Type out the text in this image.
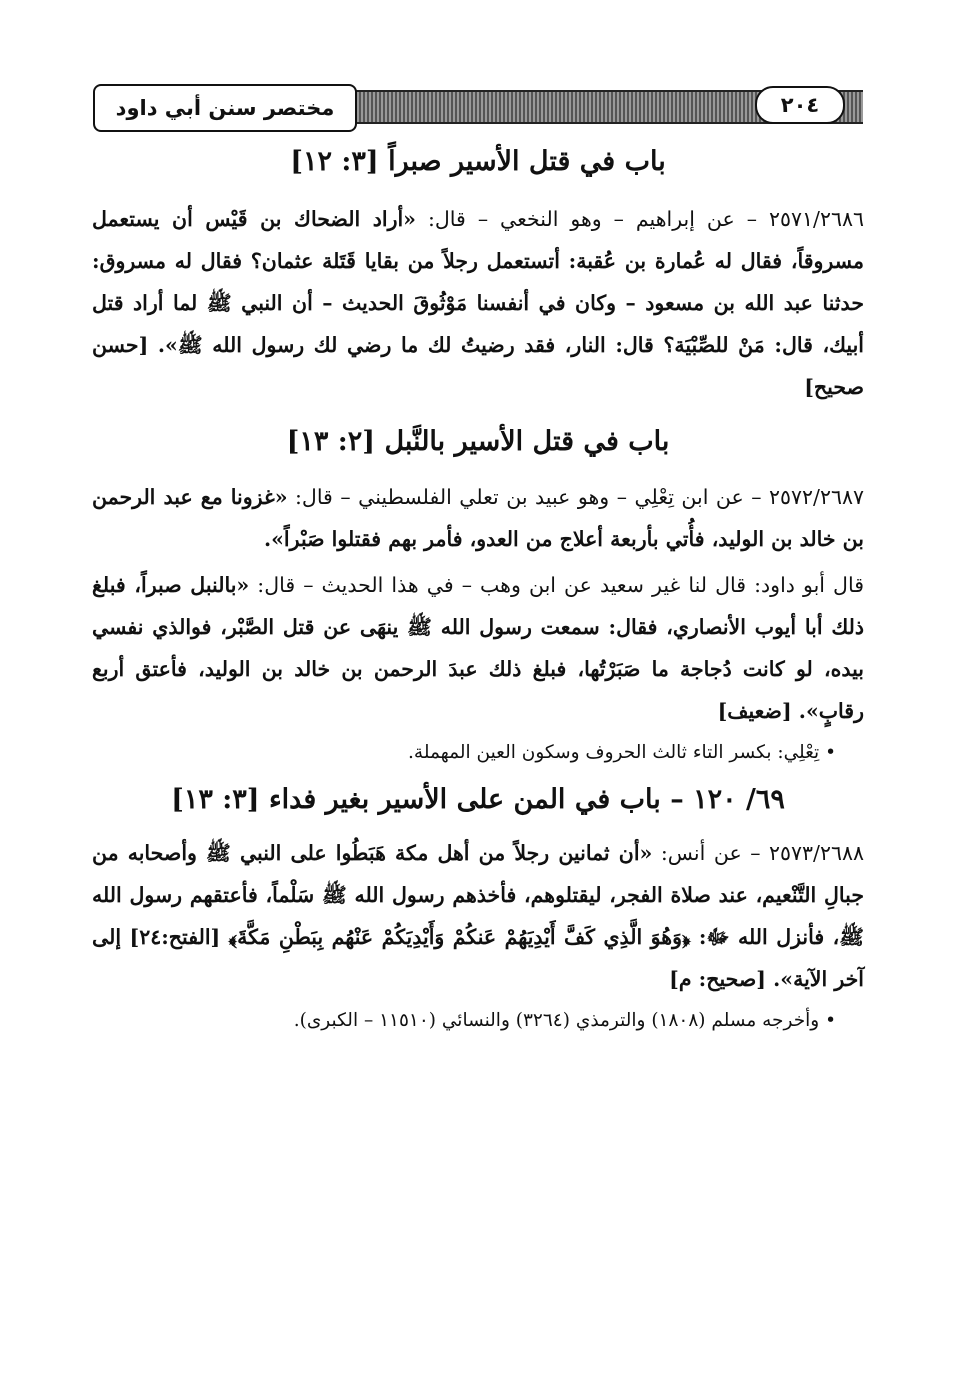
مختصر سنن أبي داود	٢٠٤
باب في قتل الأسير صبراً [٣: ١٢]

٢٥٧١/٢٦٨٦ – عن إبراهيم – وهو النخعي – قال: «أراد الضحاك بن قَيْس أن يستعمل مسروقاً، فقال له عُمارة بن عُقبة: أتستعمل رجلاً من بقايا قَتَلة عثمان؟ فقال له مسروق: حدثنا عبد الله بن مسعود – وكان في أنفسنا مَوْثُوقَ الحديث – أن النبي ﷺ لما أراد قتل أبيك، قال: مَنْ للصِّبْيَة؟ قال: النار، فقد رضيتُ لك ما رضي لك رسول الله ﷺ». [حسن صحيح]

باب في قتل الأسير بالنَّبل [٢: ١٣]

٢٥٧٢/٢٦٨٧ – عن ابن تِعْلِي – وهو عبيد بن تعلي الفلسطيني – قال: «غزونا مع عبد الرحمن بن خالد بن الوليد، فأُتي بأربعة أعلاج من العدو، فأمر بهم فقتلوا صَبْراً».

قال أبو داود: قال لنا غير سعيد عن ابن وهب – في هذا الحديث – قال: «بالنبل صبراً، فبلغ ذلك أبا أيوب الأنصاري، فقال: سمعت رسول الله ﷺ ينهَى عن قتل الصَّبْر، فوالذي نفسي بيده، لو كانت دُجاجة ما صَبَرْتُها، فبلغ ذلك عبدَ الرحمن بن خالد بن الوليد، فأعتق أربع رقابٍ». [ضعيف]

• تِعْلِي: بكسر التاء ثالث الحروف وسكون العين المهملة.

٦٩/ ١٢٠ – باب في المن على الأسير بغير فداء [٣: ١٣]

٢٥٧٣/٢٦٨٨ – عن أنس: «أن ثمانين رجلاً من أهل مكة هَبَطُوا على النبي ﷺ وأصحابه من جبالِ التَّنْعيم، عند صلاة الفجر، ليقتلوهم، فأخذهم رسول الله ﷺ سَلْماً، فأعتقهم رسول الله ﷺ، فأنزل الله ﷻ: ﴿وَهُوَ الَّذِي كَفَّ أَيْدِيَهُمْ عَنكُمْ وَأَيْدِيَكُمْ عَنْهُم بِبَطْنِ مَكَّةَ﴾ [الفتح:٢٤] إلى آخر الآية». [صحيح: م]

• وأخرجه مسلم (١٨٠٨) والترمذي (٣٢٦٤) والنسائي (١١٥١٠ – الكبرى).
